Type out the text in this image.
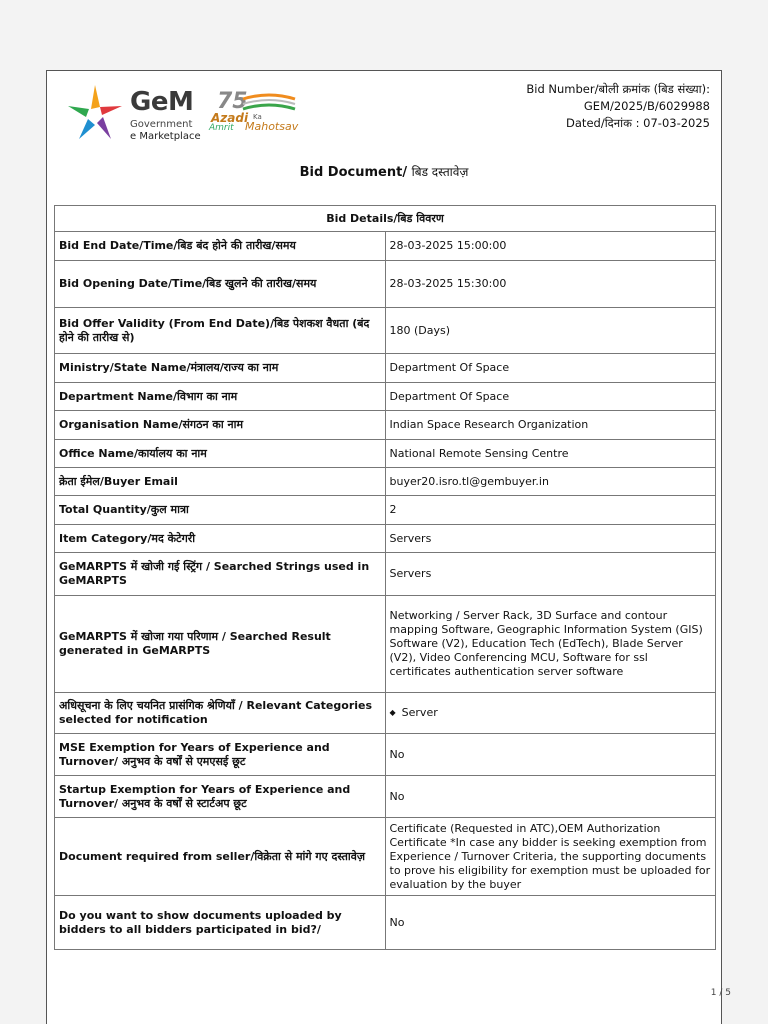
GeM
Government
e Marketplace
75
Azadi Ka
Amrit Mahotsav
Bid Number/बोली क्रमांक (बिड संख्या):
GEM/2025/B/6029988
Dated/दिनांक : 07-03-2025
Bid Document/ बिड दस्तावेज़
Bid Details/बिड विवरण	
Bid End Date/Time/बिड बंद होने की तारीख/समय	28-03-2025 15:00:00
Bid Opening Date/Time/बिड खुलने की तारीख/समय	28-03-2025 15:30:00
Bid Offer Validity (From End Date)/बिड पेशकश वैधता (बंद होने की तारीख से)	180 (Days)
Ministry/State Name/मंत्रालय/राज्य का नाम	Department Of Space
Department Name/विभाग का नाम	Department Of Space
Organisation Name/संगठन का नाम	Indian Space Research Organization
Office Name/कार्यालय का नाम	National Remote Sensing Centre
क्रेता ईमेल/Buyer Email	buyer20.isro.tl@gembuyer.in
Total Quantity/कुल मात्रा	2
Item Category/मद केटेगरी	Servers
GeMARPTS में खोजी गई स्ट्रिंग / Searched Strings used in GeMARPTS	Servers
GeMARPTS में खोजा गया परिणाम / Searched Result generated in GeMARPTS	Networking / Server Rack, 3D Surface and contour mapping Software, Geographic Information System (GIS) Software (V2), Education Tech (EdTech), Blade Server (V2), Video Conferencing MCU, Software for ssl certificates authentication server software
अधिसूचना के लिए चयनित प्रासंगिक श्रेणियाँ / Relevant Categories selected for notification	◆ Server
MSE Exemption for Years of Experience and Turnover/ अनुभव के वर्षों से एमएसई छूट	No
Startup Exemption for Years of Experience and Turnover/ अनुभव के वर्षों से स्टार्टअप छूट	No
Document required from seller/विक्रेता से मांगे गए दस्तावेज़	Certificate (Requested in ATC),OEM Authorization Certificate *In case any bidder is seeking exemption from Experience / Turnover Criteria, the supporting documents to prove his eligibility for exemption must be uploaded for evaluation by the buyer
Do you want to show documents uploaded by bidders to all bidders participated in bid?/	No
1 / 5
